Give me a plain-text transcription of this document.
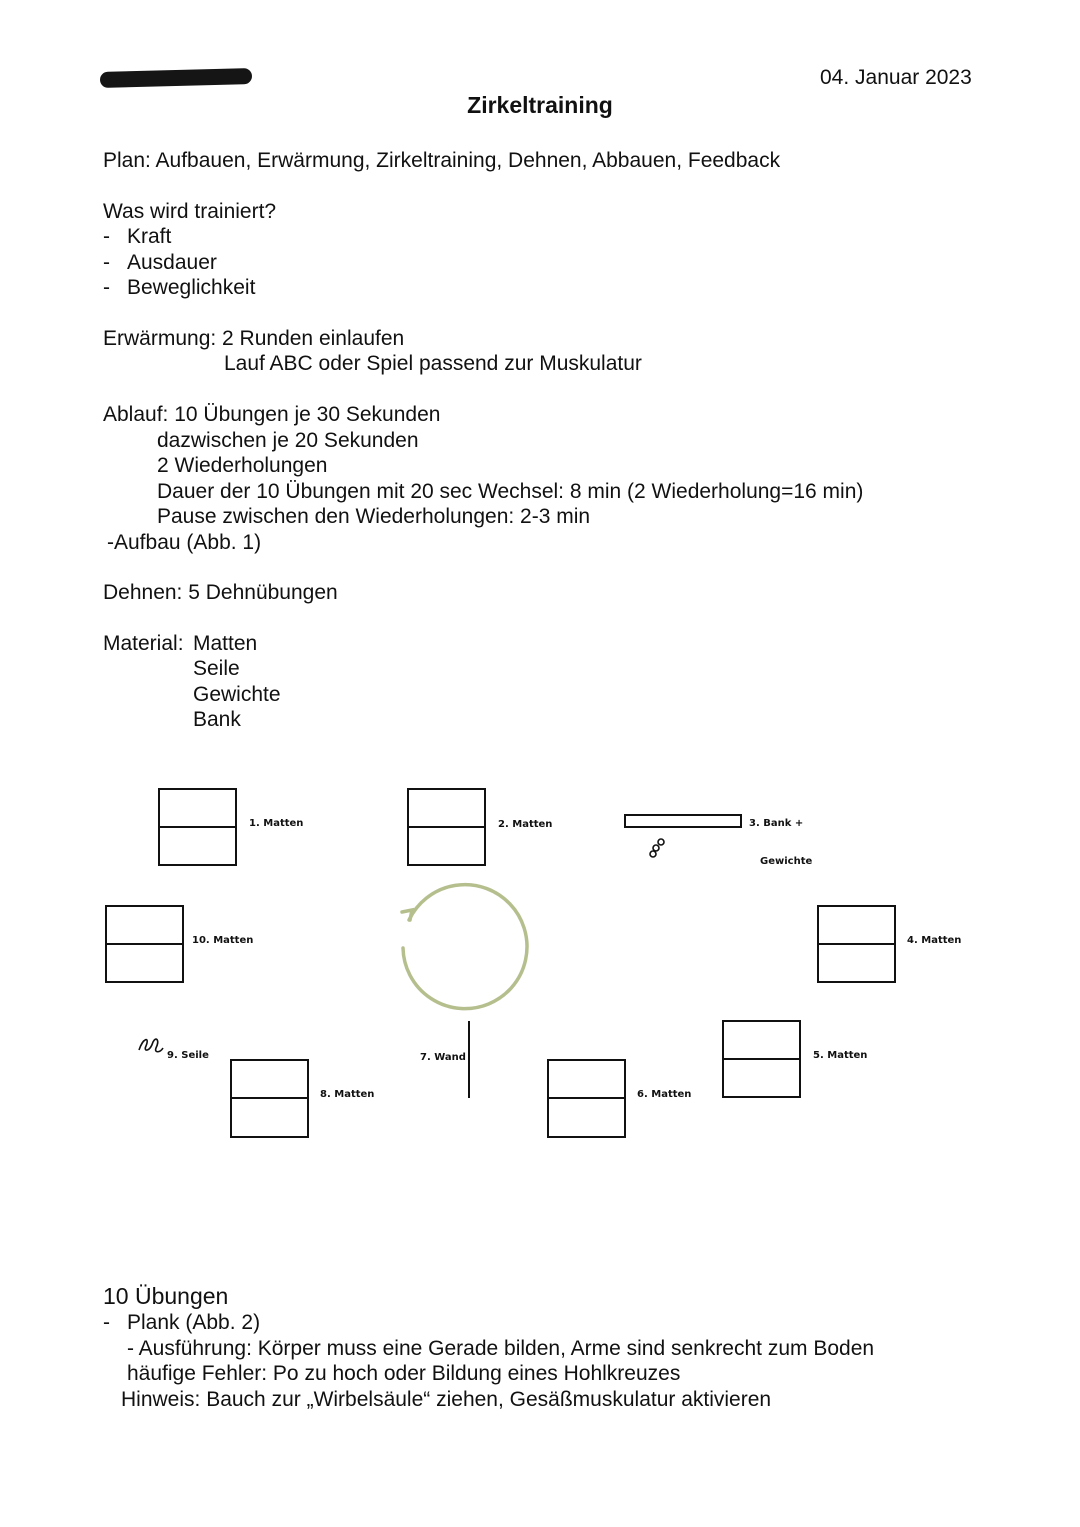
04. Januar 2023
Zirkeltraining
Plan: Aufbauen, Erwärmung, Zirkeltraining, Dehnen, Abbauen, Feedback
Was wird trainiert?
- Kraft
- Ausdauer
- Beweglichkeit
Erwärmung: 2 Runden einlaufen
Lauf ABC oder Spiel passend zur Muskulatur
Ablauf: 10 Übungen je 30 Sekunden
dazwischen je 20 Sekunden
2 Wiederholungen
Dauer der 10 Übungen mit 20 sec Wechsel: 8 min (2 Wiederholung=16 min)
Pause zwischen den Wiederholungen: 2-3 min
-Aufbau (Abb. 1)
Dehnen: 5 Dehnübungen
Material: Matten
Seile
Gewichte
Bank
1. Matten	2. Matten	3. Bank +
Gewichte
4. Matten
5. Matten
6. Matten
7. Wand
8. Matten
9. Seile
10. Matten
10 Übungen
- Plank (Abb. 2)
- Ausführung: Körper muss eine Gerade bilden, Arme sind senkrecht zum Boden
häufige Fehler: Po zu hoch oder Bildung eines Hohlkreuzes
Hinweis: Bauch zur „Wirbelsäule“ ziehen, Gesäßmuskulatur aktivieren
